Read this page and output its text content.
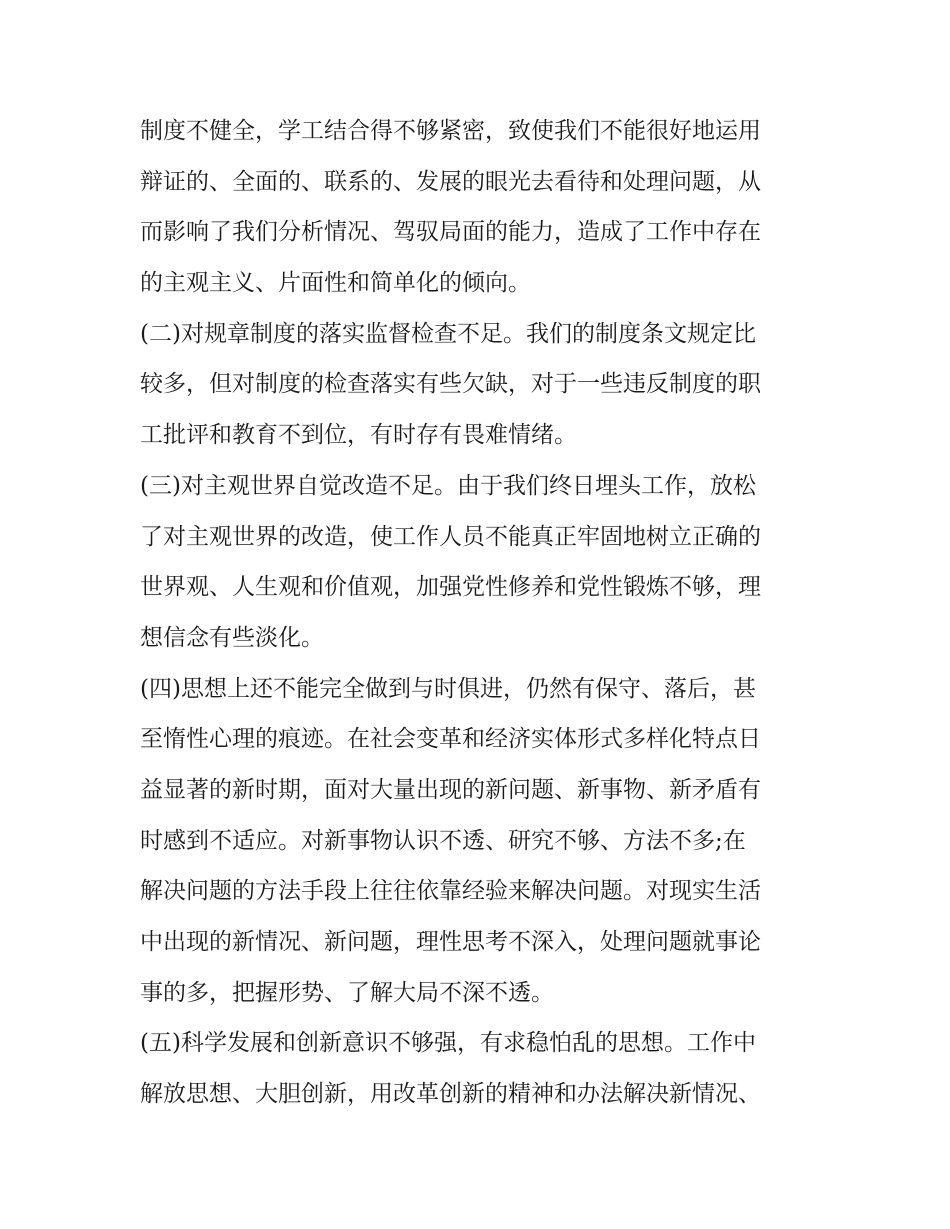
制度不健全，学工结合得不够紧密，致使我们不能很好地运用
辩证的、全面的、联系的、发展的眼光去看待和处理问题，从
而影响了我们分析情况、驾驭局面的能力，造成了工作中存在
的主观主义、片面性和简单化的倾向。
(二)对规章制度的落实监督检查不足。我们的制度条文规定比
较多，但对制度的检查落实有些欠缺，对于一些违反制度的职
工批评和教育不到位，有时存有畏难情绪。
(三)对主观世界自觉改造不足。由于我们终日埋头工作，放松
了对主观世界的改造，使工作人员不能真正牢固地树立正确的
世界观、人生观和价值观，加强党性修养和党性锻炼不够，理
想信念有些淡化。
(四)思想上还不能完全做到与时俱进，仍然有保守、落后，甚
至惰性心理的痕迹。在社会变革和经济实体形式多样化特点日
益显著的新时期，面对大量出现的新问题、新事物、新矛盾有
时感到不适应。对新事物认识不透、研究不够、方法不多;在
解决问题的方法手段上往往依靠经验来解决问题。对现实生活
中出现的新情况、新问题，理性思考不深入，处理问题就事论
事的多，把握形势、了解大局不深不透。
(五)科学发展和创新意识不够强，有求稳怕乱的思想。工作中
解放思想、大胆创新，用改革创新的精神和办法解决新情况、
